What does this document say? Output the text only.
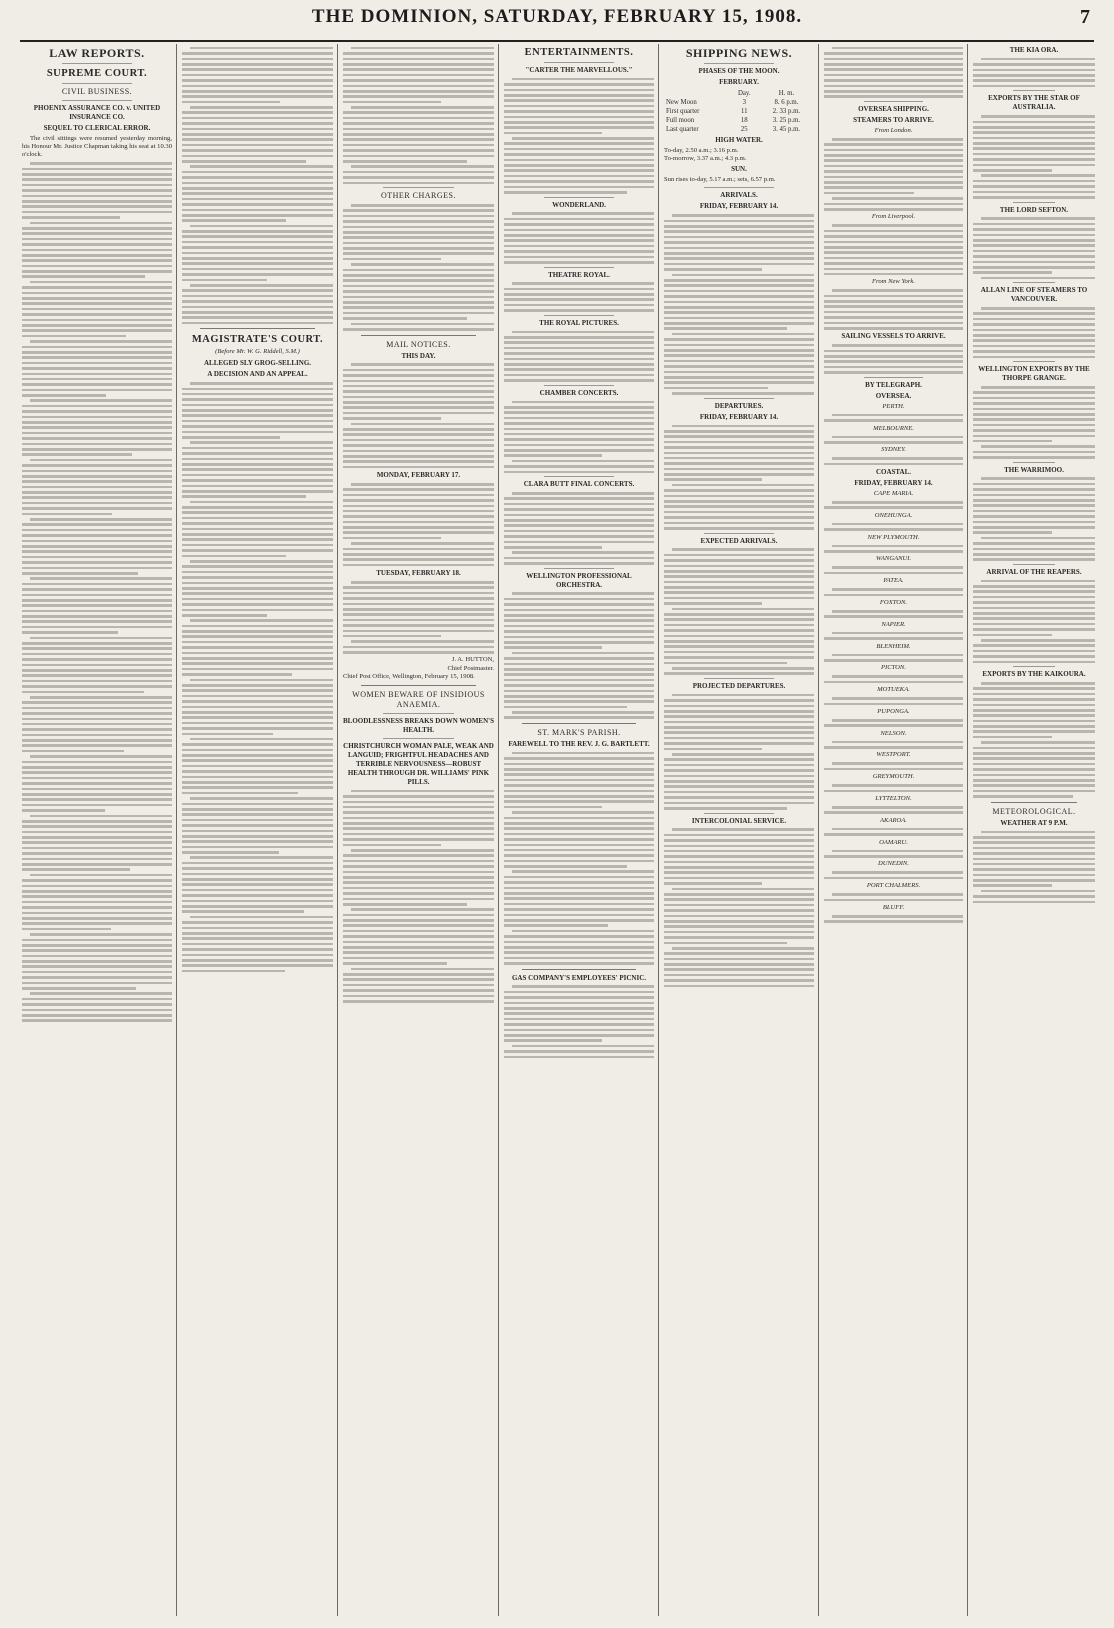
THE DOMINION, SATURDAY, FEBRUARY 15, 1908.	7
LAW REPORTS.
SUPREME COURT.
CIVIL BUSINESS.
PHOENIX ASSURANCE CO. v. UNITED INSURANCE CO.
SEQUEL TO CLERICAL ERROR.

The civil sittings were resumed yesterday morning, his Honour Mr. Justice Chapman taking his seat at 10.30 o'clock.

MAGISTRATE'S COURT.
(Before Mr. W. G. Riddell, S.M.)
ALLEGED SLY GROG-SELLING.
A DECISION AND AN APPEAL.
OTHER CHARGES.
MAIL NOTICES.
THIS DAY.
MONDAY, FEBRUARY 17.
TUESDAY, FEBRUARY 18.
J. A. HUTTON,
Chief Postmaster.
Chief Post Office, Wellington, February 15, 1908.
WOMEN BEWARE OF INSIDIOUS ANAEMIA.
BLOODLESSNESS BREAKS DOWN WOMEN'S HEALTH.
CHRISTCHURCH WOMAN PALE, WEAK AND LANGUID; FRIGHTFUL HEADACHES AND TERRIBLE NERVOUSNESS—ROBUST HEALTH THROUGH DR. WILLIAMS' PINK PILLS.
ENTERTAINMENTS.
"CARTER THE MARVELLOUS."
WONDERLAND.
THEATRE ROYAL.
THE ROYAL PICTURES.
CHAMBER CONCERTS.
CLARA BUTT FINAL CONCERTS.
WELLINGTON PROFESSIONAL ORCHESTRA.
ST. MARK'S PARISH.
FAREWELL TO THE REV. J. G. BARTLETT.
GAS COMPANY'S EMPLOYEES' PICNIC.
SHIPPING NEWS.
PHASES OF THE MOON.
FEBRUARY.
	Day.	H. m.
New Moon	3	8. 6 p.m.
First quarter	11	2. 33 p.m.
Full moon	18	3. 25 p.m.
Last quarter	25	3. 45 p.m.
HIGH WATER.
To-day, 2.50 a.m.; 3.16 p.m.
To-morrow, 3.37 a.m.; 4.3 p.m.
SUN.
Sun rises to-day, 5.17 a.m.; sets, 6.57 p.m.
ARRIVALS.
FRIDAY, FEBRUARY 14.
DEPARTURES.
FRIDAY, FEBRUARY 14.
EXPECTED ARRIVALS.
PROJECTED DEPARTURES.
INTERCOLONIAL SERVICE.
OVERSEA SHIPPING.
STEAMERS TO ARRIVE.
From London.
From Liverpool.
From New York.
SAILING VESSELS TO ARRIVE.
BY TELEGRAPH.
OVERSEA.
PERTH.
MELBOURNE.
SYDNEY.
COASTAL.
FRIDAY, FEBRUARY 14.
CAPE MARIA.
ONEHUNGA.
NEW PLYMOUTH.
WANGANUI.
PATEA.
FOXTON.
NAPIER.
BLENHEIM.
PICTON.
MOTUEKA.
PUPONGA.
NELSON.
WESTPORT.
GREYMOUTH.
LYTTELTON.
AKAROA.
OAMARU.
DUNEDIN.
PORT CHALMERS.
BLUFF.
THE KIA ORA.
EXPORTS BY THE STAR OF AUSTRALIA.
THE LORD SEFTON.
ALLAN LINE OF STEAMERS TO VANCOUVER.
WELLINGTON EXPORTS BY THE THORPE GRANGE.
THE WARRIMOO.
ARRIVAL OF THE REAPERS.
EXPORTS BY THE KAIKOURA.
METEOROLOGICAL.
WEATHER AT 9 P.M.
